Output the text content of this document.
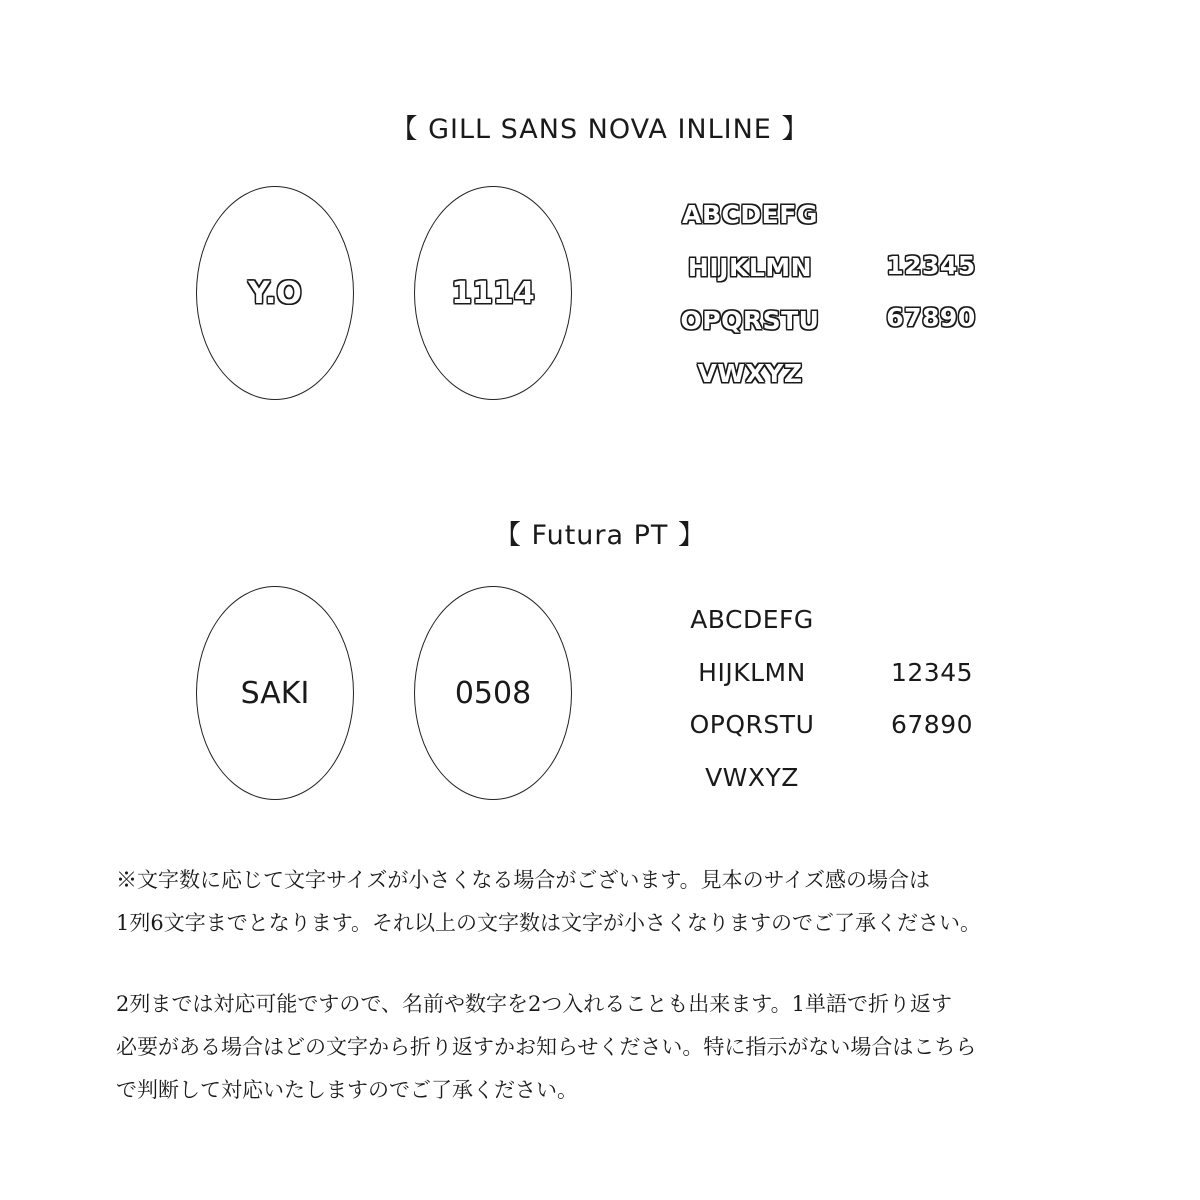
【 GILL SANS NOVA INLINE 】
Y.O	1114
ABCDEFG
HIJKLMN
OPQRSTU
VWXYZ
12345
67890
【 Futura PT 】
SAKI	0508
ABCDEFG
HIJKLMN
OPQRSTU
VWXYZ
12345
67890
※文字数に応じて文字サイズが小さくなる場合がございます。見本のサイズ感の場合は
1列6文字までとなります。それ以上の文字数は文字が小さくなりますのでご了承ください。
2列までは対応可能ですので、名前や数字を2つ入れることも出来ます。1単語で折り返す
必要がある場合はどの文字から折り返すかお知らせください。特に指示がない場合はこちら
で判断して対応いたしますのでご了承ください。
